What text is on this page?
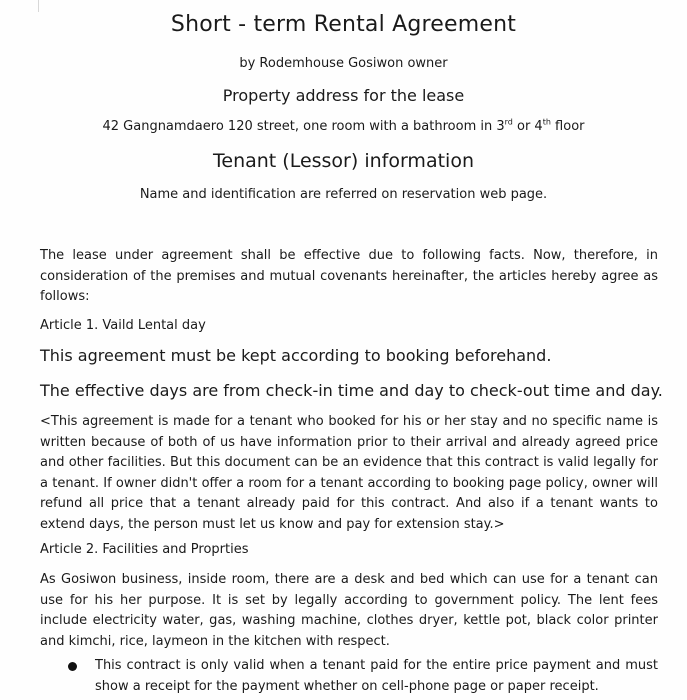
Short - term Rental Agreement
by Rodemhouse Gosiwon owner
Property address for the lease
42 Gangnamdaero 120 street, one room with a bathroom in 3rd or 4th floor
Tenant (Lessor) information
Name and identification are referred on reservation web page.
The lease under agreement shall be effective due to following facts. Now, therefore, in consideration of the premises and mutual covenants hereinafter, the articles hereby agree as follows:
Article 1. Vaild Lental day
This agreement must be kept according to booking beforehand.
The effective days are from check-in time and day to check-out time and day.
<This agreement is made for a tenant who booked for his or her stay and no specific name is written because of both of us have information prior to their arrival and already agreed price and other facilities. But this document can be an evidence that this contract is valid legally for a tenant. If owner didn't offer a room for a tenant according to booking page policy, owner will refund all price that a tenant already paid for this contract. And also if a tenant wants to extend days, the person must let us know and pay for extension stay.>
Article 2. Facilities and Proprties
As Gosiwon business, inside room, there are a desk and bed which can use for a tenant can use for his her purpose. It is set by legally according to government policy. The lent fees include electricity water, gas, washing machine, clothes dryer, kettle pot, black color printer and kimchi, rice, laymeon in the kitchen with respect.
This contract is only valid when a tenant paid for the entire price payment and must show a receipt for the payment whether on cell-phone page or paper receipt.
